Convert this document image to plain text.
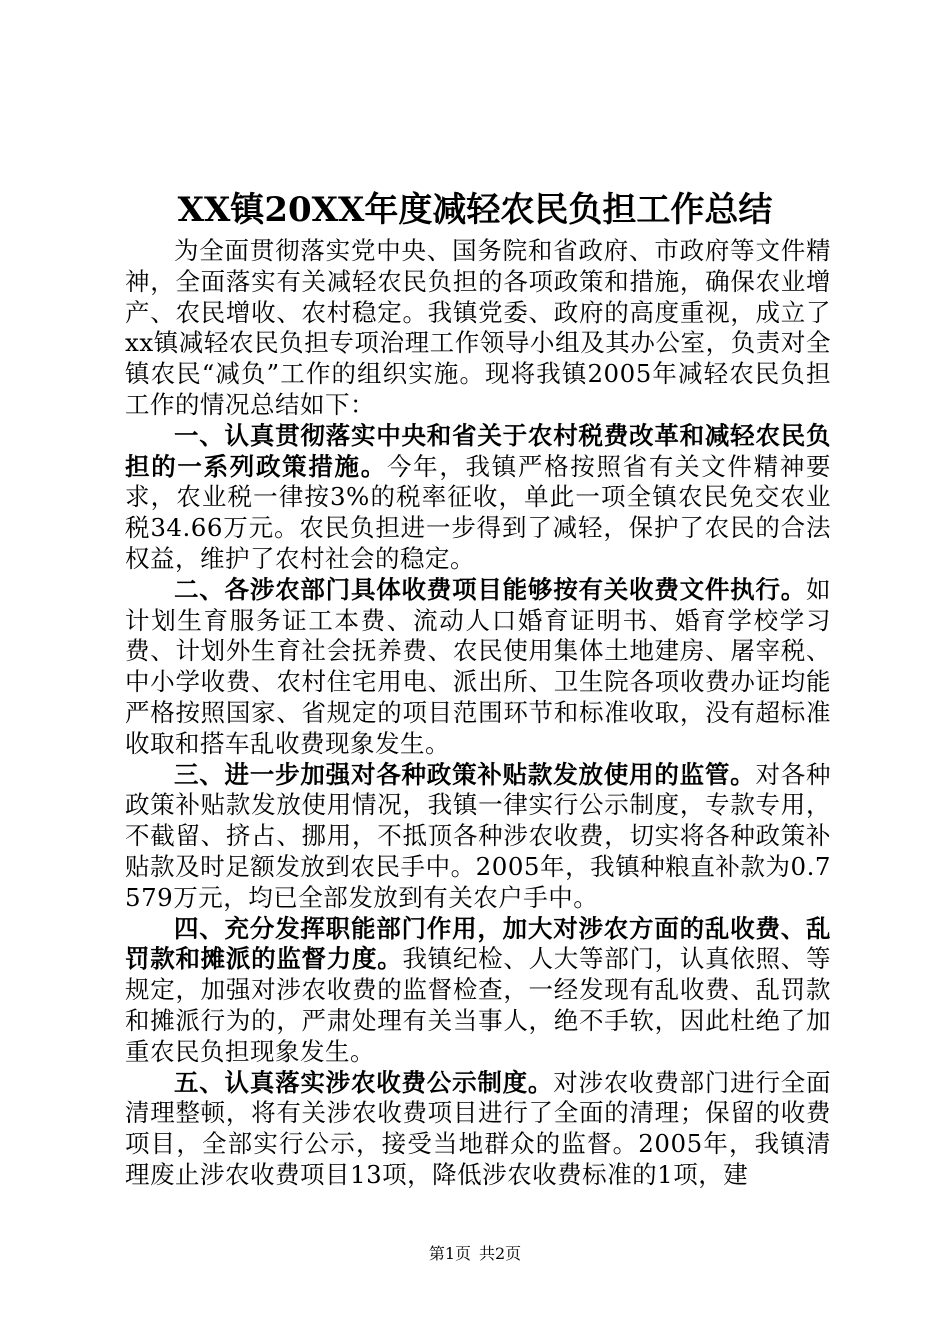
XX镇20XX年度减轻农民负担工作总结

为全面贯彻落实党中央、国务院和省政府、市政府等文件精神，全面落实有关减轻农民负担的各项政策和措施，确保农业增产、农民增收、农村稳定。我镇党委、政府的高度重视，成立了xx镇减轻农民负担专项治理工作领导小组及其办公室，负责对全镇农民“减负”工作的组织实施。现将我镇2005年减轻农民负担工作的情况总结如下：

一、认真贯彻落实中央和省关于农村税费改革和减轻农民负担的一系列政策措施。今年，我镇严格按照省有关文件精神要求，农业税一律按3%的税率征收，单此一项全镇农民免交农业税34.66万元。农民负担进一步得到了减轻，保护了农民的合法权益，维护了农村社会的稳定。

二、各涉农部门具体收费项目能够按有关收费文件执行。如计划生育服务证工本费、流动人口婚育证明书、婚育学校学习费、计划外生育社会抚养费、农民使用集体土地建房、屠宰税、中小学收费、农村住宅用电、派出所、卫生院各项收费办证均能严格按照国家、省规定的项目范围环节和标准收取，没有超标准收取和搭车乱收费现象发生。

三、进一步加强对各种政策补贴款发放使用的监管。对各种政策补贴款发放使用情况，我镇一律实行公示制度，专款专用，不截留、挤占、挪用，不抵顶各种涉农收费，切实将各种政策补贴款及时足额发放到农民手中。2005年，我镇种粮直补款为0.7579万元，均已全部发放到有关农户手中。

四、充分发挥职能部门作用，加大对涉农方面的乱收费、乱罚款和摊派的监督力度。我镇纪检、人大等部门，认真依照、等规定，加强对涉农收费的监督检查，一经发现有乱收费、乱罚款和摊派行为的，严肃处理有关当事人，绝不手软，因此杜绝了加重农民负担现象发生。

五、认真落实涉农收费公示制度。对涉农收费部门进行全面清理整顿，将有关涉农收费项目进行了全面的清理；保留的收费项目，全部实行公示，接受当地群众的监督。2005年，我镇清理废止涉农收费项目13项，降低涉农收费标准的1项，建

第1页 共2页
